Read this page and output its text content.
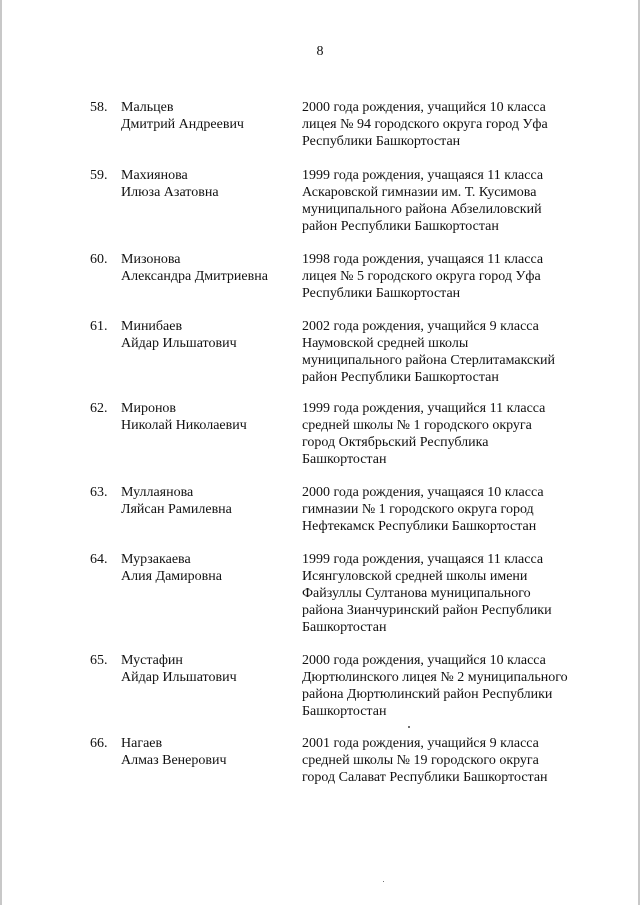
8
58. Мальцев
Дмитрий Андреевич
2000 года рождения, учащийся 10 класса
лицея № 94 городского округа город Уфа
Республики Башкортостан
59. Махиянова
Илюза Азатовна
1999 года рождения, учащаяся 11 класса
Аскаровской гимназии им. Т. Кусимова
муниципального района Абзелиловский
район Республики Башкортостан
60. Мизонова
Александра Дмитриевна
1998 года рождения, учащаяся 11 класса
лицея № 5 городского округа город Уфа
Республики Башкортостан
61. Минибаев
Айдар Ильшатович
2002 года рождения, учащийся 9 класса
Наумовской средней школы
муниципального района Стерлитамакский
район Республики Башкортостан
62. Миронов
Николай Николаевич
1999 года рождения, учащийся 11 класса
средней школы № 1 городского округа
город Октябрьский Республика
Башкортостан
63. Муллаянова
Ляйсан Рамилевна
2000 года рождения, учащаяся 10 класса
гимназии № 1 городского округа город
Нефтекамск Республики Башкортостан
64. Мурзакаева
Алия Дамировна
1999 года рождения, учащаяся 11 класса
Исянгуловской средней школы имени
Файзуллы Султанова муниципального
района Зианчуринский район Республики
Башкортостан
65. Мустафин
Айдар Ильшатович
2000 года рождения, учащийся 10 класса
Дюртюлинского лицея № 2 муниципального
района Дюртюлинский район Республики
Башкортостан
66. Нагаев
Алмаз Венерович
2001 года рождения, учащийся 9 класса
средней школы № 19 городского округа
город Салават Республики Башкортостан
